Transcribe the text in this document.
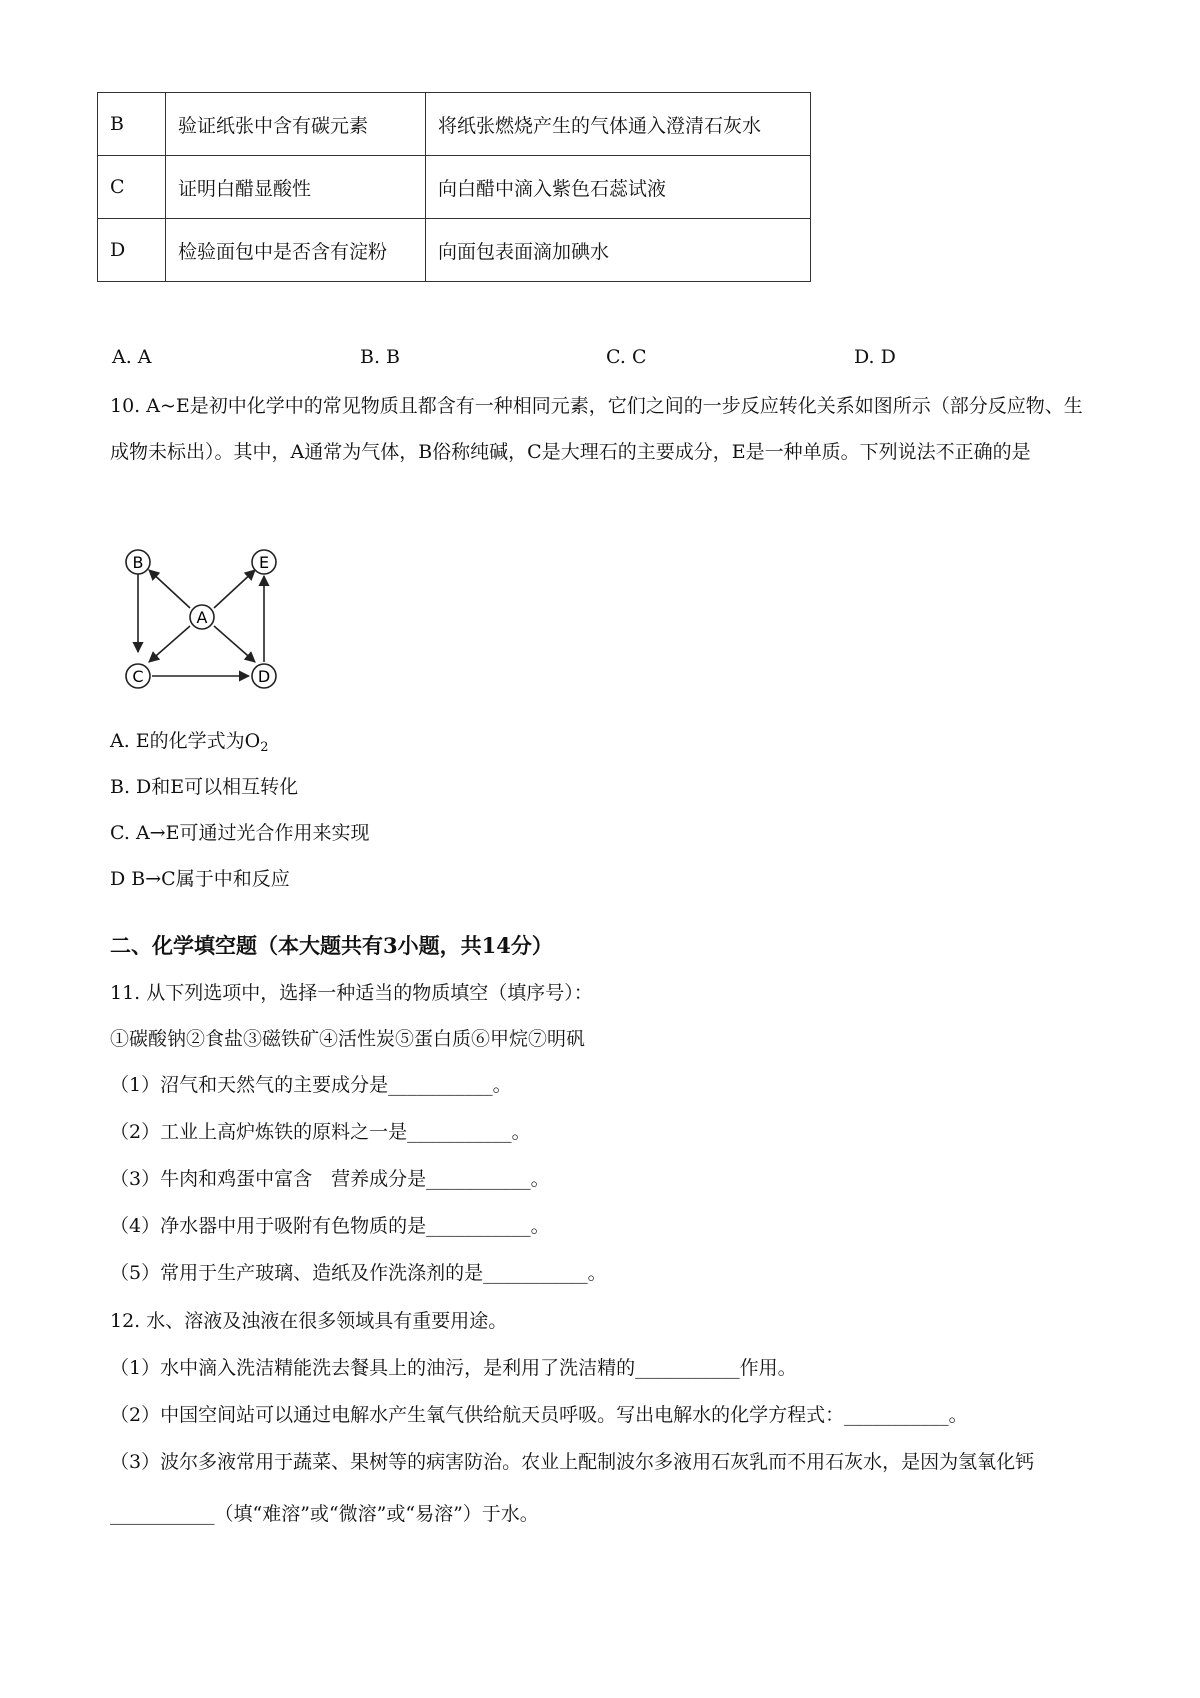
B	验证纸张中含有碳元素	将纸张燃烧产生的气体通入澄清石灰水
C	证明白醋显酸性	向白醋中滴入紫色石蕊试液
D	检验面包中是否含有淀粉	向面包表面滴加碘水
A. A	B. B	C. C	D. D
10. A~E是初中化学中的常见物质且都含有一种相同元素，它们之间的一步反应转化关系如图所示（部分反应物、生成物未标出）。其中，A通常为气体，B俗称纯碱，C是大理石的主要成分，E是一种单质。下列说法不正确的是
B	E
A
C	D
A. E的化学式为$O_2$
B. D和E可以相互转化
C. A→E可通过光合作用来实现
D B→C属于中和反应
二、化学填空题（本大题共有3小题，共14分）
11. 从下列选项中，选择一种适当的物质填空（填序号）：
①碳酸钠②食盐③磁铁矿④活性炭⑤蛋白质⑥甲烷⑦明矾
（1）沼气和天然气的主要成分是___________。
（2）工业上高炉炼铁的原料之一是___________。
（3）牛肉和鸡蛋中富含　营养成分是___________。
（4）净水器中用于吸附有色物质的是___________。
（5）常用于生产玻璃、造纸及作洗涤剂的是___________。
12. 水、溶液及浊液在很多领域具有重要用途。
（1）水中滴入洗洁精能洗去餐具上的油污，是利用了洗洁精的___________作用。
（2）中国空间站可以通过电解水产生氧气供给航天员呼吸。写出电解水的化学方程式：___________。
（3）波尔多液常用于蔬菜、果树等的病害防治。农业上配制波尔多液用石灰乳而不用石灰水，是因为氢氧化钙___________（填“难溶”或“微溶”或“易溶”）于水。
